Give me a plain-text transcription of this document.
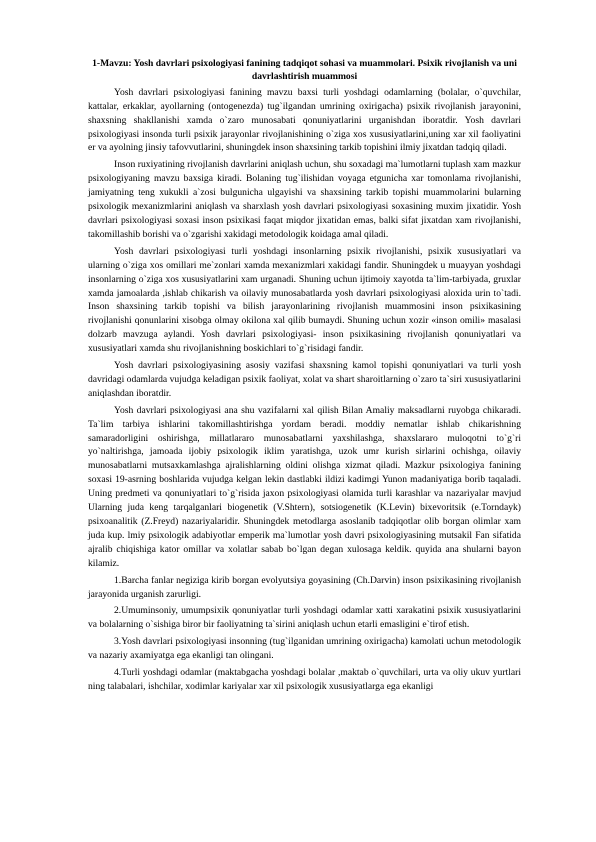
1-Mavzu: Yosh davrlari psixologiyasi fanining tadqiqot sohasi va muammolari. Psixik rivojlanish va uni davrlashtirish muammosi

Yosh davrlari psixologiyasi fanining mavzu baxsi turli yoshdagi odamlarning (bolalar, o`quvchilar, kattalar, erkaklar, ayollarning (ontogenezda) tug`ilgandan umrining oxirigacha) psixik rivojlanish jarayonini, shaxsning shakllanishi xamda o`zaro munosabati qonuniyatlarini urganishdan iboratdir. Yosh davrlari psixologiyasi insonda turli psixik jarayonlar rivojlanishining o`ziga xos xususiyatlarini,uning xar xil faoliyatini er va ayolning jinsiy tafovvutlarini, shuningdek inson shaxsining tarkib topishini ilmiy jixatdan tadqiq qiladi.

Inson ruxiyatining rivojlanish davrlarini aniqlash uchun, shu soxadagi ma`lumotlarni tuplash xam mazkur psixologiyaning mavzu baxsiga kiradi. Bolaning tug`ilishidan voyaga etgunicha xar tomonlama rivojlanishi, jamiyatning teng xukukli a`zosi bulgunicha ulgayishi va shaxsining tarkib topishi muammolarini bularning psixologik mexanizmlarini aniqlash va sharxlash yosh davrlari psixologiyasi soxasining muxim jixatidir. Yosh davrlari psixologiyasi soxasi inson psixikasi faqat miqdor jixatidan emas, balki sifat jixatdan xam rivojlanishi, takomillashib borishi va o`zgarishi xakidagi metodologik koidaga amal qiladi.

Yosh davrlari psixologiyasi turli yoshdagi insonlarning psixik rivojlanishi, psixik xususiyatlari va ularning o`ziga xos omillari me`zonlari xamda mexanizmlari xakidagi fandir. Shuningdek u muayyan yoshdagi insonlarning o`ziga xos xususiyatlarini xam urganadi. Shuning uchun ijtimoiy xayotda ta`lim-tarbiyada, gruxlar xamda jamoalarda ,ishlab chikarish va oilaviy munosabatlarda yosh davrlari psixologiyasi aloxida urin to`tadi. Inson shaxsining tarkib topishi va bilish jarayonlarining rivojlanish muammosini inson psixikasining rivojlanishi qonunlarini xisobga olmay okilona xal qilib bumaydi. Shuning uchun xozir «inson omili» masalasi dolzarb mavzuga aylandi. Yosh davrlari psixologiyasi- inson psixikasining rivojlanish qonuniyatlari va xususiyatlari xamda shu rivojlanishning boskichlari to`g`risidagi fandir.

Yosh davrlari psixologiyasining asosiy vazifasi shaxsning kamol topishi qonuniyatlari va turli yosh davridagi odamlarda vujudga keladigan psixik faoliyat, xolat va shart sharoitlarning o`zaro ta`siri xususiyatlarini aniqlashdan iboratdir.

Yosh davrlari psixologiyasi ana shu vazifalarni xal qilish Bilan Amaliy maksadlarni ruyobga chikaradi. Ta`lim tarbiya ishlarini takomillashtirishga yordam beradi. moddiy nematlar ishlab chikarishning samaradorligini oshirishga, millatlararo munosabatlarni yaxshilashga, shaxslararo muloqotni to`g`ri yo`naltirishga, jamoada ijobiy psixologik iklim yaratishga, uzok umr kurish sirlarini ochishga, oilaviy munosabatlarni mutsaxkamlashga ajralishlarning oldini olishga xizmat qiladi. Mazkur psixologiya fanining soxasi 19-asrning boshlarida vujudga kelgan lekin dastlabki ildizi kadimgi Yunon madaniyatiga borib taqaladi. Uning predmeti va qonuniyatlari to`g`risida jaxon psixologiyasi olamida turli karashlar va nazariyalar mavjud Ularning juda keng tarqalganlari biogenetik (V.Shtern), sotsiogenetik (K.Levin) bixevoritsik (e.Torndayk) psixoanalitik (Z.Freyd) nazariyalaridir. Shuningdek metodlarga asoslanib tadqiqotlar olib borgan olimlar xam juda kup. lmiy psixologik adabiyotlar emperik ma`lumotlar yosh davri psixologiyasining mutsakil Fan sifatida ajralib chiqishiga kator omillar va xolatlar sabab bo`lgan degan xulosaga keldik. quyida ana shularni bayon kilamiz.

1.Barcha fanlar negiziga kirib borgan evolyutsiya goyasining (Ch.Darvin) inson psixikasining rivojlanish jarayonida urganish zarurligi.

2.Umuminsoniy, umumpsixik qonuniyatlar turli yoshdagi odamlar xatti xarakatini psixik xususiyatlarini va bolalarning o`sishiga biror bir faoliyatning ta`sirini aniqlash uchun etarli emasligini e`tirof etish.

3.Yosh davrlari psixologiyasi insonning (tug`ilganidan umrining oxirigacha) kamolati uchun metodologik va nazariy axamiyatga ega ekanligi tan olingani.

4.Turli yoshdagi odamlar (maktabgacha yoshdagi bolalar ,maktab o`quvchilari, urta va oliy ukuv yurtlari ning talabalari, ishchilar, xodimlar kariyalar xar xil psixologik xususiyatlarga ega ekanligi
